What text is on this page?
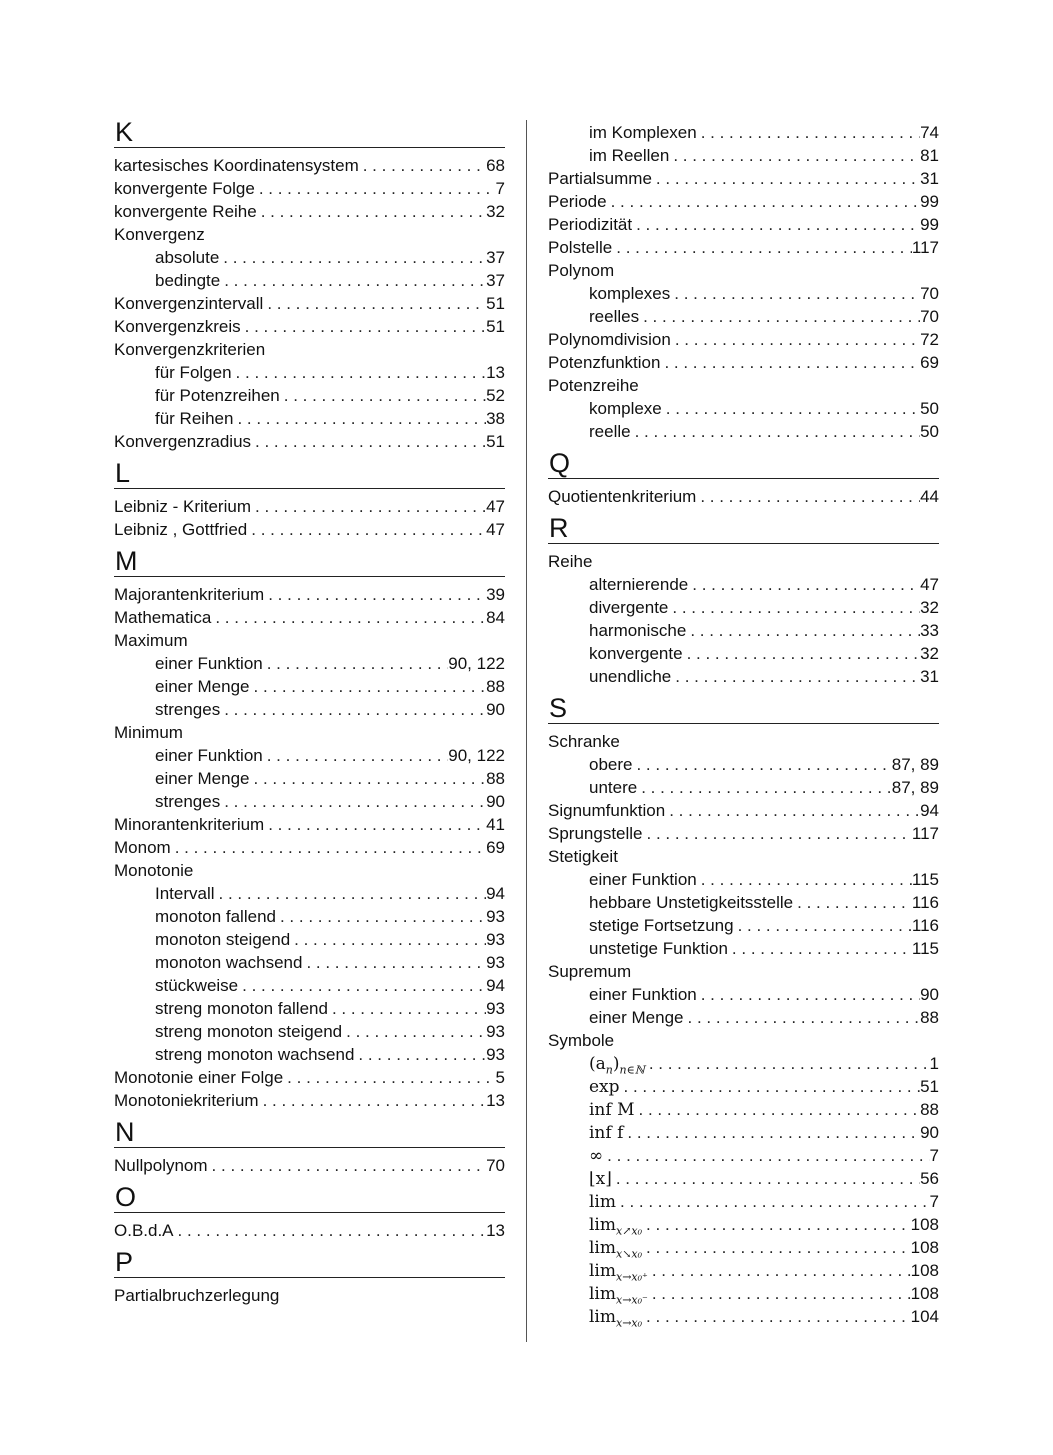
K
kartesisches Koordinatensystem . . .	68
konvergente Folge . . .	7
konvergente Reihe . . .	32
Konvergenz
absolute . . .	37
bedingte . . .	37
Konvergenzintervall . . .	51
Konvergenzkreis . . .	51
Konvergenzkriterien
für Folgen . . .	13
für Potenzreihen . . .	52
für Reihen . . .	38
Konvergenzradius . . .	51
L
Leibniz - Kriterium . . .	47
Leibniz , Gottfried . . .	47
M
Majorantenkriterium . . .	39
Mathematica . . .	84
Maximum
einer Funktion . . .	90, 122
einer Menge . . .	88
strenges . . .	90
Minimum
einer Funktion . . .	90, 122
einer Menge . . .	88
strenges . . .	90
Minorantenkriterium . . .	41
Monom . . .	69
Monotonie
Intervall . . .	94
monoton fallend . . .	93
monoton steigend . . .	93
monoton wachsend . . .	93
stückweise . . .	94
streng monoton fallend . . .	93
streng monoton steigend . . .	93
streng monoton wachsend . . .	93
Monotonie einer Folge . . .	5
Monotoniekriterium . . .	13
N
Nullpolynom . . .	70
O
O.B.d.A . . .	13
P
Partialbruchzerlegung
im Komplexen . . .	74
im Reellen . . .	81
Partialsumme . . .	31
Periode . . .	99
Periodizität . . .	99
Polstelle . . .	117
Polynom
komplexes . . .	70
reelles . . .	70
Polynomdivision . . .	72
Potenzfunktion . . .	69
Potenzreihe
komplexe . . .	50
reelle . . .	50
Q
Quotientenkriterium . . .	44
R
Reihe
alternierende . . .	47
divergente . . .	32
harmonische . . .	33
konvergente . . .	32
unendliche . . .	31
S
Schranke
obere . . .	87, 89
untere . . .	87, 89
Signumfunktion . . .	94
Sprungstelle . . .	117
Stetigkeit
einer Funktion . . .	115
hebbare Unstetigkeitsstelle . . .	116
stetige Fortsetzung . . .	116
unstetige Funktion . . .	115
Supremum
einer Funktion . . .	90
einer Menge . . .	88
Symbole
$(a_n)_{n\in ℕ}$ . . .	1
exp . . .	51
inf M . . .	88
inf f . . .	90
∞ . . .	7
⌊x⌋ . . .	56
lim . . .	7
$\lim_{x↗x_0}$ . . .	108
$\lim_{x↘x_0}$ . . .	108
$\lim_{x\to x_0^+}$ . . .	108
$\lim_{x\to x_0^-}$ . . .	108
$\lim_{x\to x_0}$ . . .	104
